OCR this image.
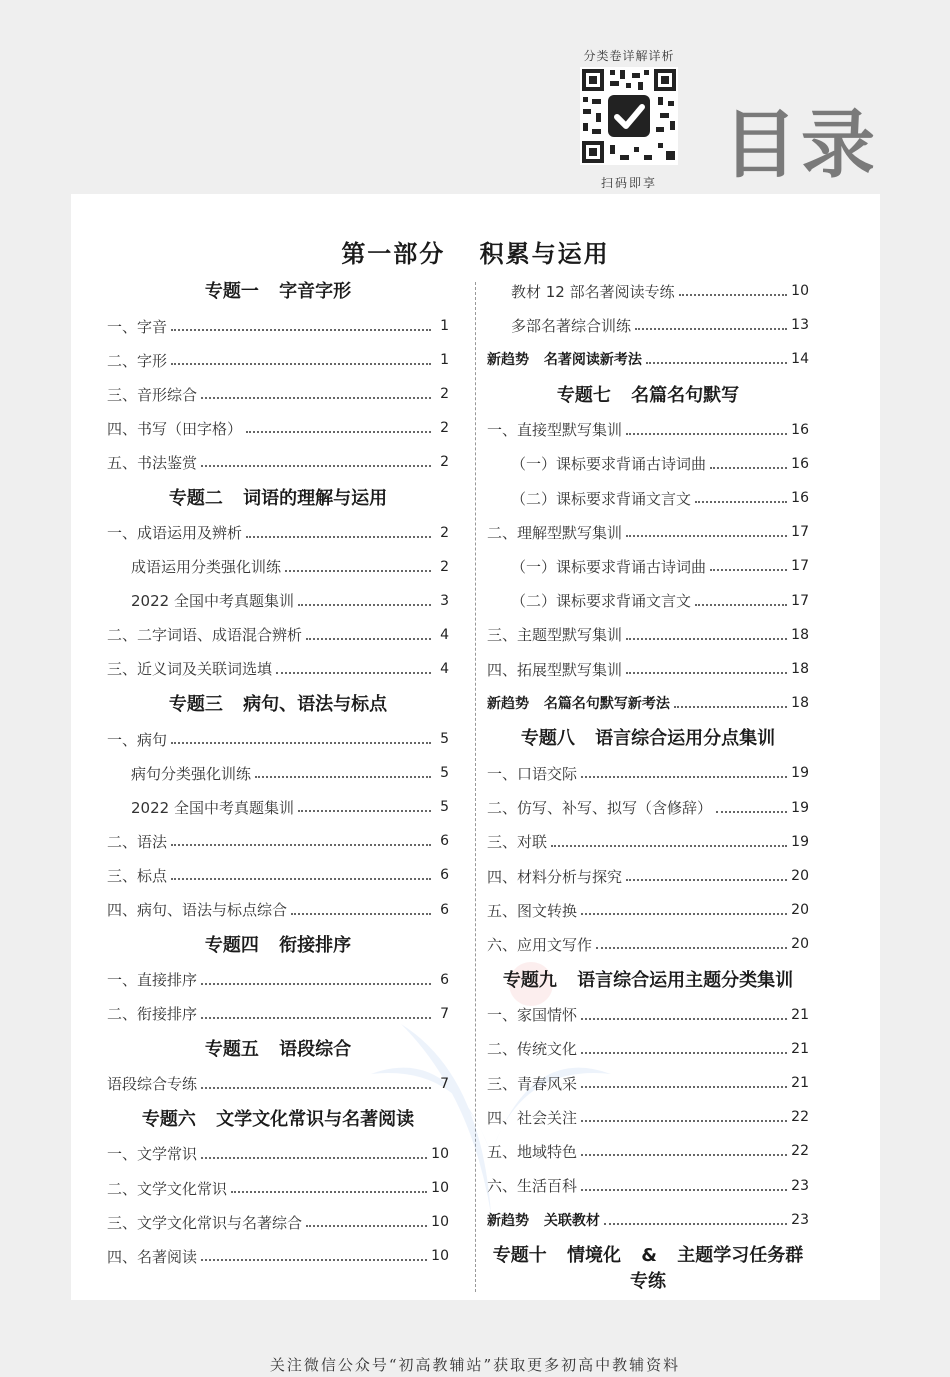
分类卷详解详析
扫码即享 目录
第一部分 积累与运用
专题一 字音字形
一、字音	1
二、字形	1
三、音形综合	2
四、书写（田字格）	2
五、书法鉴赏	2
专题二 词语的理解与运用
一、成语运用及辨析	2
成语运用分类强化训练	2
2022 全国中考真题集训	3
二、二字词语、成语混合辨析	4
三、近义词及关联词选填	4
专题三 病句、语法与标点
一、病句	5
病句分类强化训练	5
2022 全国中考真题集训	5
二、语法	6
三、标点	6
四、病句、语法与标点综合	6
专题四 衔接排序
一、直接排序	6
二、衔接排序	7
专题五 语段综合
语段综合专练	7
专题六 文学文化常识与名著阅读
一、文学常识	10
二、文学文化常识	10
三、文学文化常识与名著综合	10
四、名著阅读	10
教材 12 部名著阅读专练	10
多部名著综合训练	13
新趋势 名著阅读新考法	14
专题七 名篇名句默写
一、直接型默写集训	16
（一）课标要求背诵古诗词曲	16
（二）课标要求背诵文言文	16
二、理解型默写集训	17
（一）课标要求背诵古诗词曲	17
（二）课标要求背诵文言文	17
三、主题型默写集训	18
四、拓展型默写集训	18
新趋势 名篇名句默写新考法	18
专题八 语言综合运用分点集训
一、口语交际	19
二、仿写、补写、拟写（含修辞）	19
三、对联	19
四、材料分析与探究	20
五、图文转换	20
六、应用文写作	20
专题九 语言综合运用主题分类集训
一、家国情怀	21
二、传统文化	21
三、青春风采	21
四、社会关注	22
五、地域特色	22
六、生活百科	23
新趋势 关联教材	23
专题十 情境化 & 主题学习任务群专练
关注微信公众号“初高教辅站”获取更多初高中教辅资料
